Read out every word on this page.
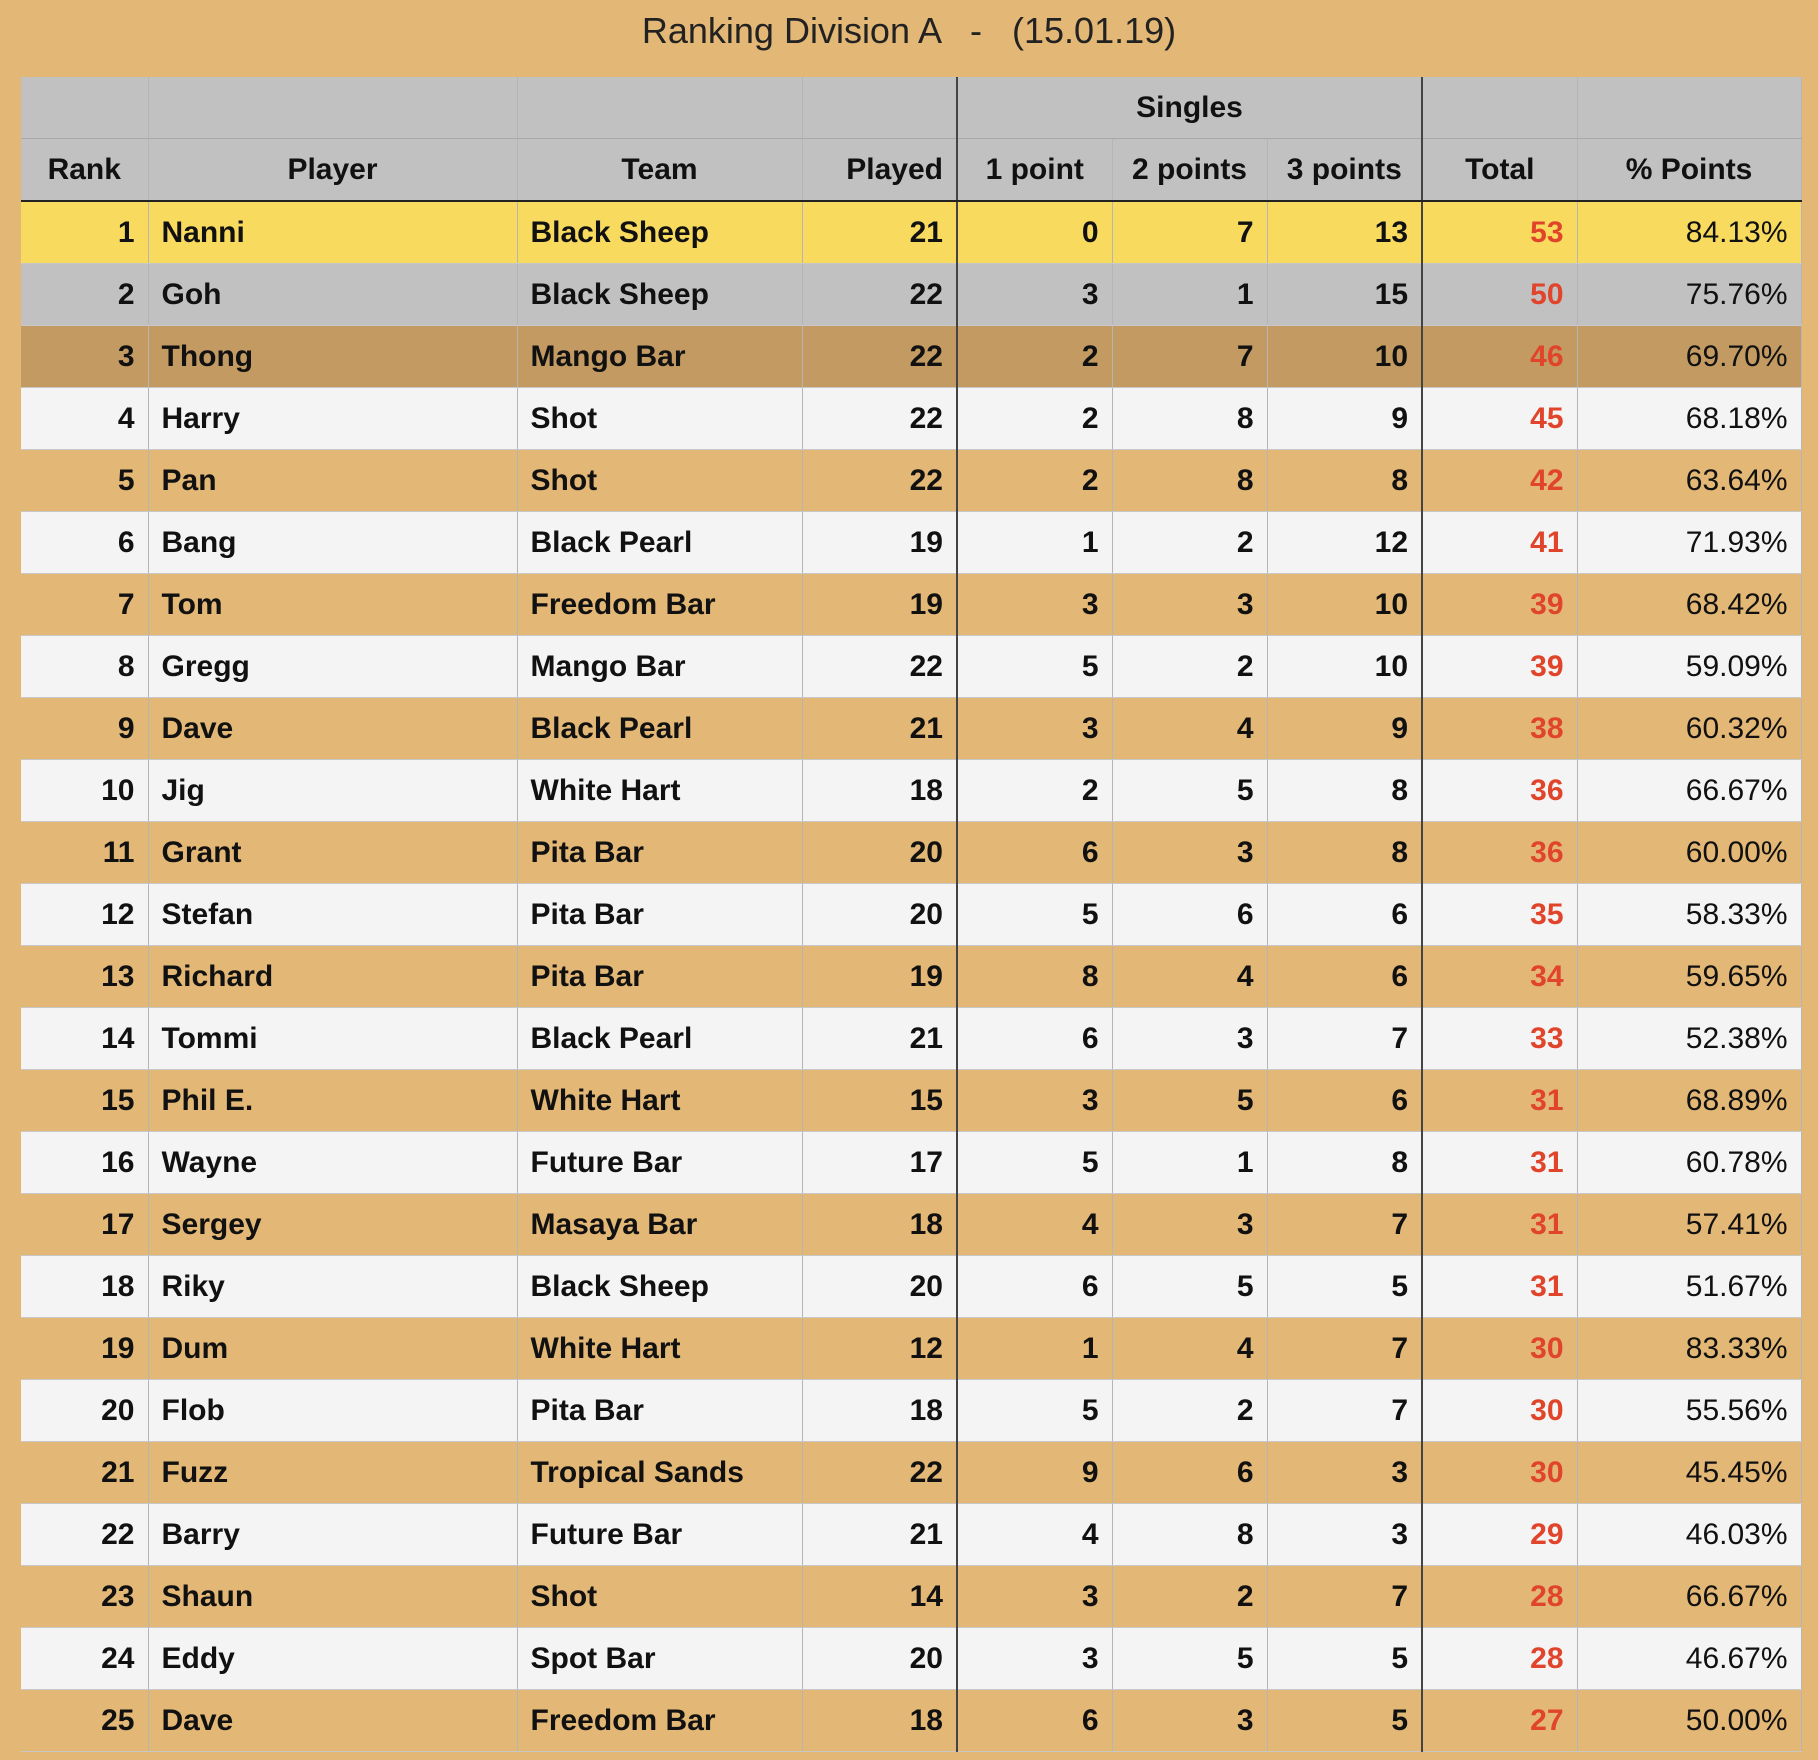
Ranking Division A   -   (15.01.19)
				Singles				
Rank	Player	Team	Played	1 point	2 points	3 points	Total	% Points
1	Nanni	Black Sheep	21	0	7	13	53	84.13%
2	Goh	Black Sheep	22	3	1	15	50	75.76%
3	Thong	Mango Bar	22	2	7	10	46	69.70%
4	Harry	Shot	22	2	8	9	45	68.18%
5	Pan	Shot	22	2	8	8	42	63.64%
6	Bang	Black Pearl	19	1	2	12	41	71.93%
7	Tom	Freedom Bar	19	3	3	10	39	68.42%
8	Gregg	Mango Bar	22	5	2	10	39	59.09%
9	Dave	Black Pearl	21	3	4	9	38	60.32%
10	Jig	White Hart	18	2	5	8	36	66.67%
11	Grant	Pita Bar	20	6	3	8	36	60.00%
12	Stefan	Pita Bar	20	5	6	6	35	58.33%
13	Richard	Pita Bar	19	8	4	6	34	59.65%
14	Tommi	Black Pearl	21	6	3	7	33	52.38%
15	Phil E.	White Hart	15	3	5	6	31	68.89%
16	Wayne	Future Bar	17	5	1	8	31	60.78%
17	Sergey	Masaya Bar	18	4	3	7	31	57.41%
18	Riky	Black Sheep	20	6	5	5	31	51.67%
19	Dum	White Hart	12	1	4	7	30	83.33%
20	Flob	Pita Bar	18	5	2	7	30	55.56%
21	Fuzz	Tropical Sands	22	9	6	3	30	45.45%
22	Barry	Future Bar	21	4	8	3	29	46.03%
23	Shaun	Shot	14	3	2	7	28	66.67%
24	Eddy	Spot Bar	20	3	5	5	28	46.67%
25	Dave	Freedom Bar	18	6	3	5	27	50.00%
